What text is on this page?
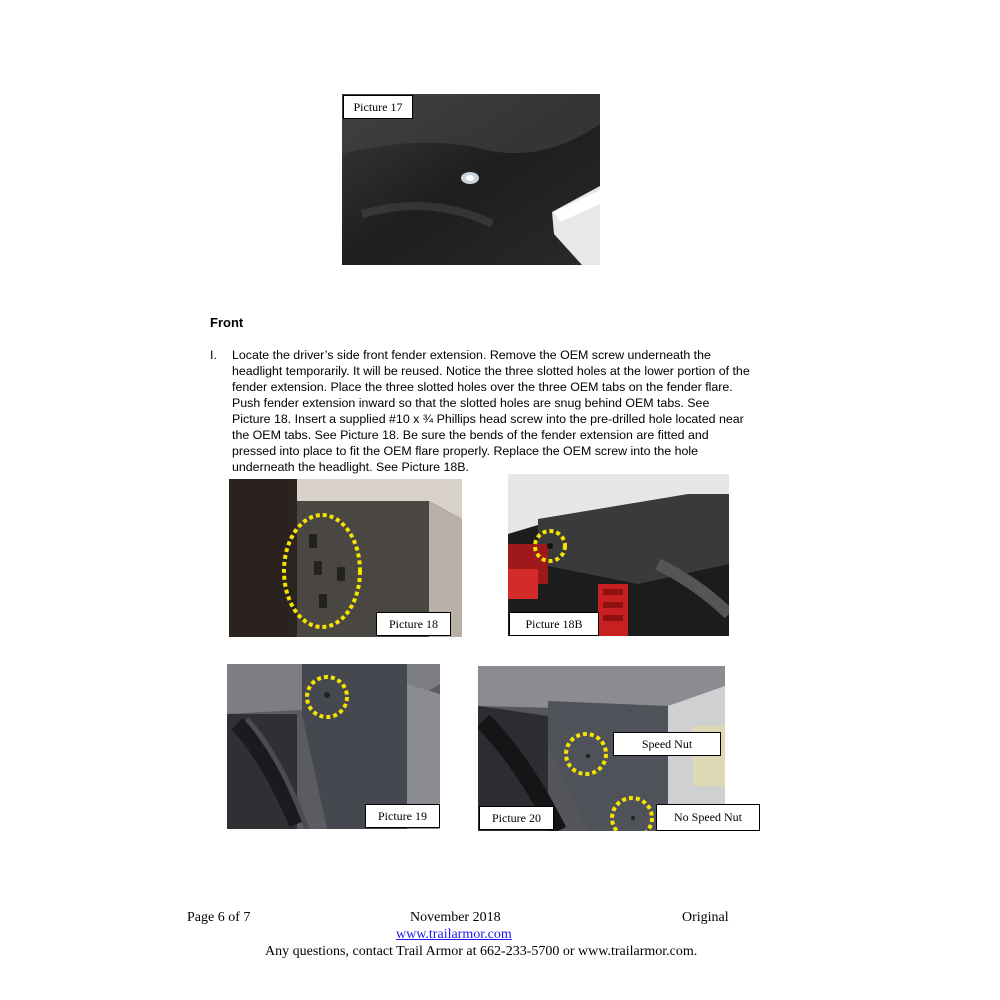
Picture 17
Front
I. Locate the driver’s side front fender extension. Remove the OEM screw underneath the
headlight temporarily. It will be reused. Notice the three slotted holes at the lower portion of the
fender extension. Place the three slotted holes over the three OEM tabs on the fender flare.
Push fender extension inward so that the slotted holes are snug behind OEM tabs. See
Picture 18. Insert a supplied #10 x ¾ Phillips head screw into the pre-drilled hole located near
the OEM tabs. See Picture 18. Be sure the bends of the fender extension are fitted and
pressed into place to fit the OEM flare properly. Replace the OEM screw into the hole
underneath the headlight. See Picture 18B.
Picture 18	Picture 18B
Picture 19	Picture 20
Speed Nut
No Speed Nut
Page 6 of 7	November 2018	Original
www.trailarmor.com
Any questions, contact Trail Armor at 662-233-5700 or www.trailarmor.com.
